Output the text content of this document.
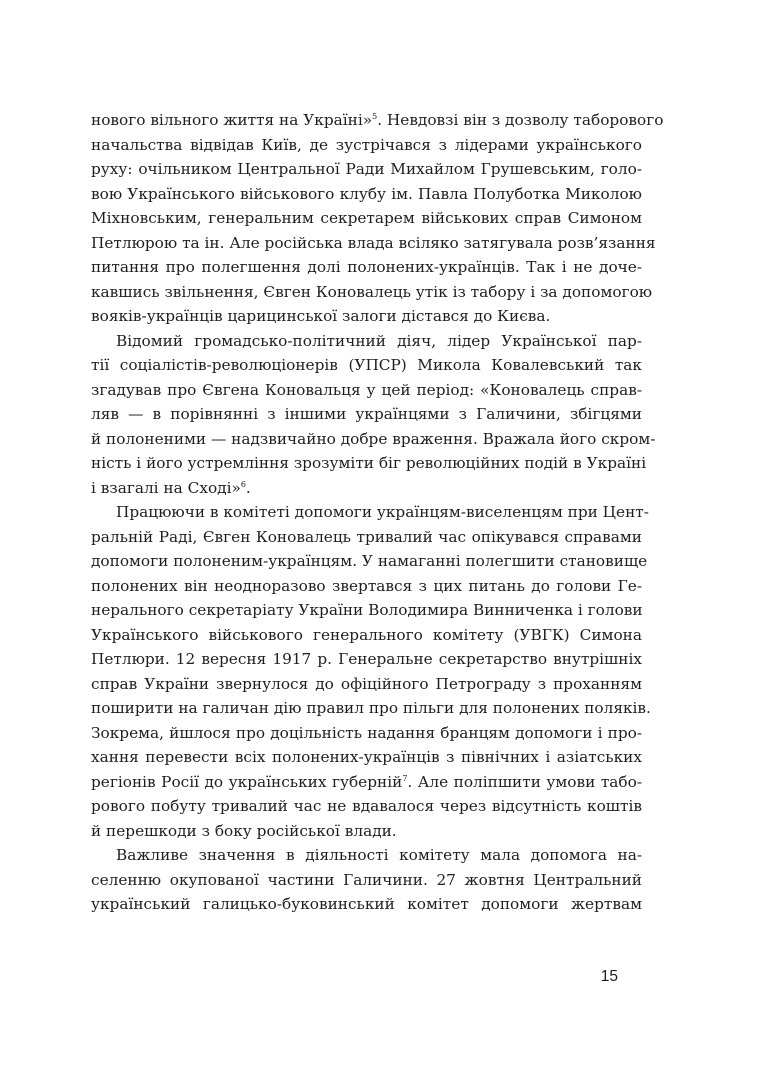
нового вільного життя на Україні»$^5$. Невдовзі він з дозволу таборового
начальства відвідав Київ, де зустрічався з лідерами українського
руху: очільником Центральної Ради Михайлом Грушевським, голо-
вою Українського військового клубу ім. Павла Полуботка Миколою
Міхновським, генеральним секретарем військових справ Симоном
Петлюрою та ін. Але російська влада всіляко затягувала розв’язання
питання про полегшення долі полонених-українців. Так і не доче-
кавшись звільнення, Євген Коновалець утік із табору і за допомогою
вояків-українців царицинської залоги дістався до Києва.
Відомий громадсько-політичний діяч, лідер Української пар-
тії соціалістів-революціонерів (УПСР) Микола Ковалевський так
згадував про Євгена Коновальця у цей період: «Коновалець справ-
ляв — в порівнянні з іншими українцями з Галичини, збігцями
й полоненими — надзвичайно добре враження. Вражала його скром-
ність і його устремління зрозуміти біг революційних подій в Україні
і взагалі на Сході»$^6$.
Працюючи в комітеті допомоги українцям-виселенцям при Цент-
ральній Раді, Євген Коновалець тривалий час опікувався справами
допомоги полоненим-українцям. У намаганні полегшити становище
полонених він неодноразово звертався з цих питань до голови Ге-
нерального секретаріату України Володимира Винниченка і голови
Українського військового генерального комітету (УВГК) Симона
Петлюри. 12 вересня 1917 р. Генеральне секретарство внутрішніх
справ України звернулося до офіційного Петрограду з проханням
поширити на галичан дію правил про пільги для полонених поляків.
Зокрема, йшлося про доцільність надання бранцям допомоги і про-
хання перевести всіх полонених-українців з північних і азіатських
регіонів Росії до українських губерній$^7$. Але поліпшити умови табо-
рового побуту тривалий час не вдавалося через відсутність коштів
й перешкоди з боку російської влади.
Важливе значення в діяльності комітету мала допомога на-
селенню окупованої частини Галичини. 27 жовтня Центральний
український галицько-буковинський комітет допомоги жертвам
15
